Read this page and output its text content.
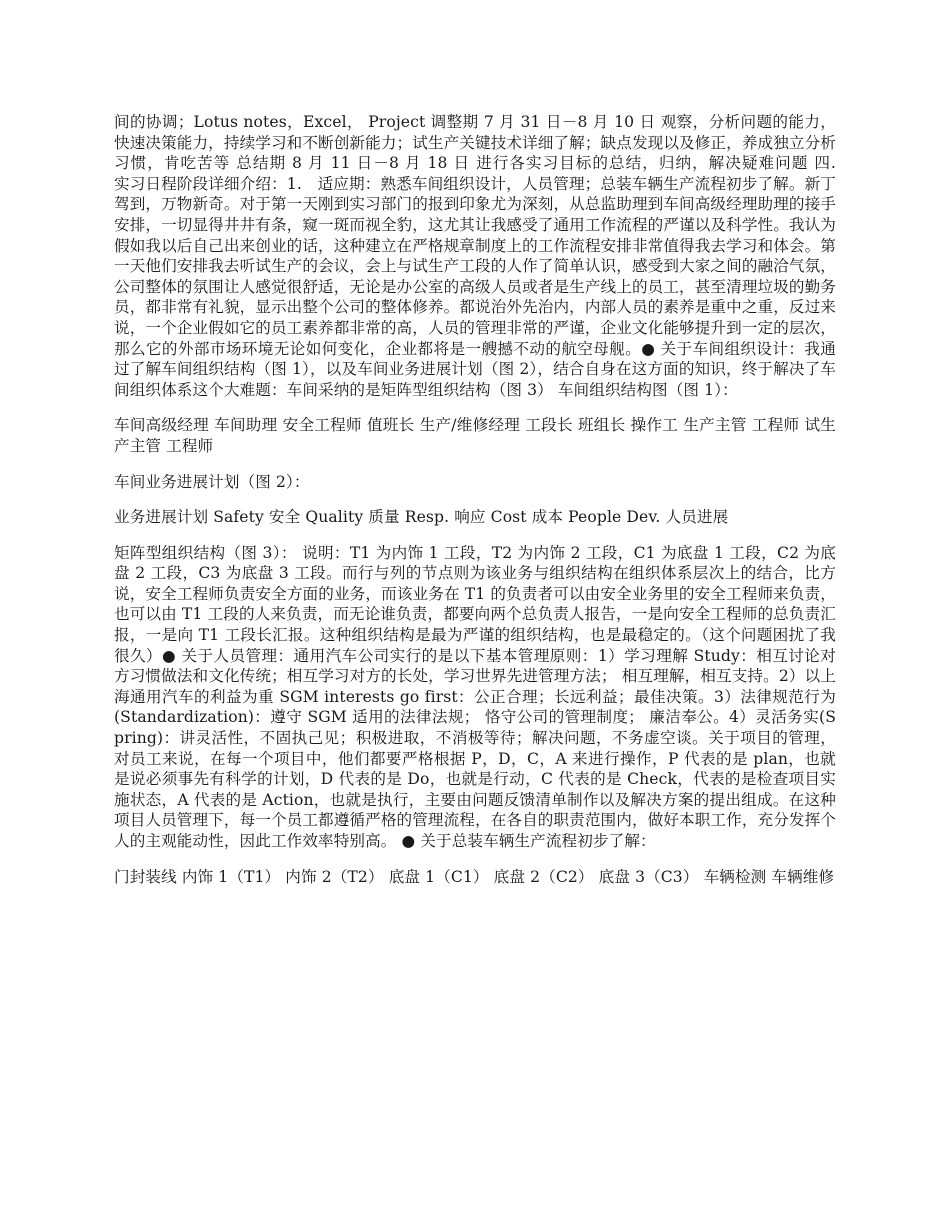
间的协调；Lotus notes，Excel， Project 调整期 7 月 31 日－8 月 10 日 观察，分析问题的能力，快速决策能力，持续学习和不断创新能力；试生产关键技术详细了解；缺点发现以及修正，养成独立分析习惯，肯吃苦等 总结期 8 月 11 日－8 月 18 日 进行各实习目标的总结，归纳，解决疑难问题 四.　　　实习日程阶段详细介绍：1.　适应期：熟悉车间组织设计，人员管理；总装车辆生产流程初步了解。新丁驾到，万物新奇。对于第一天刚到实习部门的报到印象尤为深刻，从总监助理到车间高级经理助理的接手安排，一切显得井井有条，窥一斑而视全豹，这尤其让我感受了通用工作流程的严谨以及科学性。我认为假如我以后自己出来创业的话，这种建立在严格规章制度上的工作流程安排非常值得我去学习和体会。第一天他们安排我去听试生产的会议，会上与试生产工段的人作了简单认识，感受到大家之间的融洽气氛，公司整体的氛围让人感觉很舒适，无论是办公室的高级人员或者是生产线上的员工，甚至清理垃圾的勤务员，都非常有礼貌，显示出整个公司的整体修养。都说治外先治内，内部人员的素养是重中之重，反过来说，一个企业假如它的员工素养都非常的高，人员的管理非常的严谨，企业文化能够提升到一定的层次，那么它的外部市场环境无论如何变化，企业都将是一艘撼不动的航空母舰。● 关于车间组织设计：我通过了解车间组织结构（图 1），以及车间业务进展计划（图 2），结合自身在这方面的知识，终于解决了车间组织体系这个大难题：车间采纳的是矩阵型组织结构（图 3） 车间组织结构图（图 1）：

车间高级经理 车间助理 安全工程师 值班长 生产/维修经理 工段长 班组长 操作工 生产主管 工程师 试生产主管 工程师

车间业务进展计划（图 2）：

业务进展计划 Safety 安全 Quality 质量 Resp. 响应 Cost 成本 People Dev. 人员进展

矩阵型组织结构（图 3）： 说明：T1 为内饰 1 工段，T2 为内饰 2 工段，C1 为底盘 1 工段，C2 为底盘 2 工段，C3 为底盘 3 工段。而行与列的节点则为该业务与组织结构在组织体系层次上的结合，比方说，安全工程师负责安全方面的业务，而该业务在 T1 的负责者可以由安全业务里的安全工程师来负责，也可以由 T1 工段的人来负责，而无论谁负责，都要向两个总负责人报告，一是向安全工程师的总负责汇报，一是向 T1 工段长汇报。这种组织结构是最为严谨的组织结构，也是最稳定的。（这个问题困扰了我很久）● 关于人员管理：通用汽车公司实行的是以下基本管理原则：1）学习理解 Study：相互讨论对方习惯做法和文化传统；相互学习对方的长处，学习世界先进管理方法； 相互理解，相互支持。2）以上海通用汽车的利益为重 SGM interests go first：公正合理；长远利益；最佳决策。3）法律规范行为(Standardization)：遵守 SGM 适用的法律法规； 恪守公司的管理制度； 廉洁奉公。4）灵活务实(Spring)：讲灵活性，不固执己见；积极进取，不消极等待；解决问题，不务虚空谈。关于项目的管理，对员工来说，在每一个项目中，他们都要严格根据 P，D，C，A 来进行操作，P 代表的是 plan，也就是说必须事先有科学的计划，D 代表的是 Do，也就是行动，C 代表的是 Check，代表的是检查项目实施状态，A 代表的是 Action，也就是执行，主要由问题反馈清单制作以及解决方案的提出组成。在这种项目人员管理下，每一个员工都遵循严格的管理流程，在各自的职责范围内，做好本职工作，充分发挥个人的主观能动性，因此工作效率特别高。 ● 关于总装车辆生产流程初步了解：

门封装线 内饰 1（T1） 内饰 2（T2） 底盘 1（C1） 底盘 2（C2） 底盘 3（C3） 车辆检测 车辆维修
